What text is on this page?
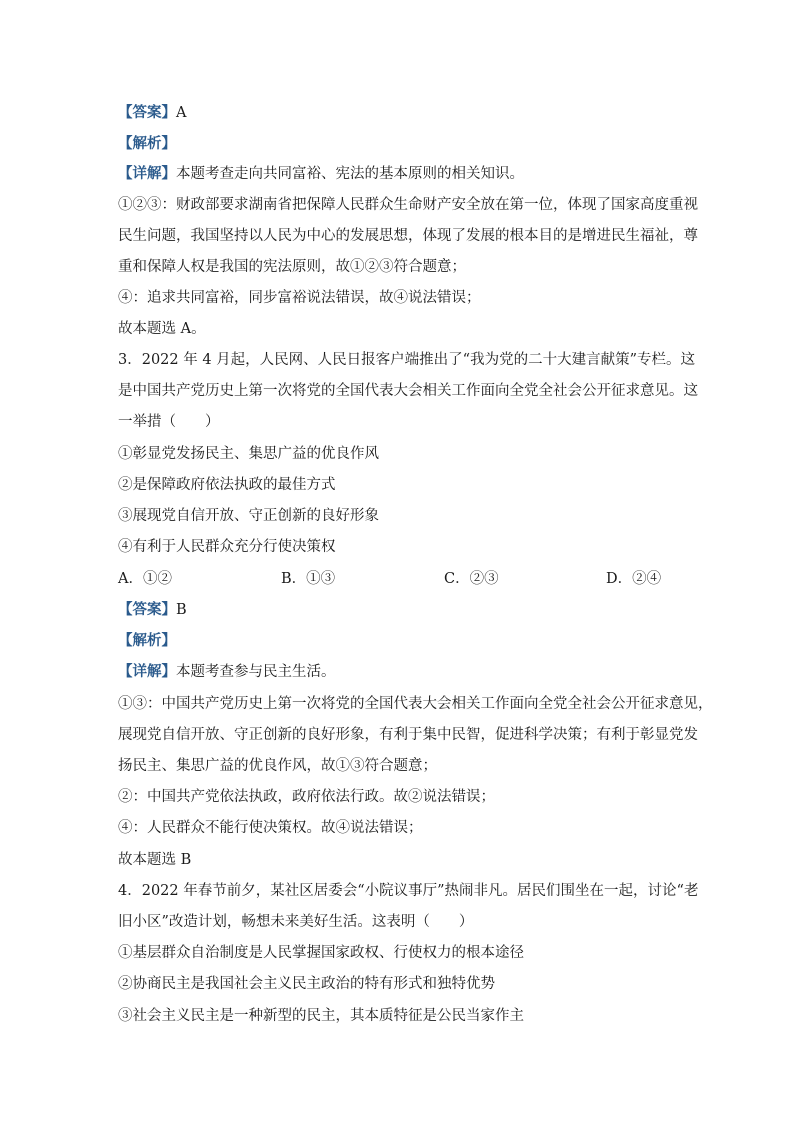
【答案】A
【解析】
【详解】本题考查走向共同富裕、宪法的基本原则的相关知识。
①②③：财政部要求湖南省把保障人民群众生命财产安全放在第一位，体现了国家高度重视
民生问题，我国坚持以人民为中心的发展思想，体现了发展的根本目的是增进民生福祉，尊
重和保障人权是我国的宪法原则，故①②③符合题意；
④：追求共同富裕，同步富裕说法错误，故④说法错误；
故本题选 A。
3．2022 年 4 月起，人民网、人民日报客户端推出了“我为党的二十大建言献策”专栏。这
是中国共产党历史上第一次将党的全国代表大会相关工作面向全党全社会公开征求意见。这
一举措（　　）
①彰显党发扬民主、集思广益的优良作风
②是保障政府依法执政的最佳方式
③展现党自信开放、守正创新的良好形象
④有利于人民群众充分行使决策权
A．①②	B．①③	C．②③	D．②④
【答案】B
【解析】
【详解】本题考查参与民主生活。
①③：中国共产党历史上第一次将党的全国代表大会相关工作面向全党全社会公开征求意见，
展现党自信开放、守正创新的良好形象，有利于集中民智，促进科学决策；有利于彰显党发
扬民主、集思广益的优良作风，故①③符合题意；
②：中国共产党依法执政，政府依法行政。故②说法错误；
④：人民群众不能行使决策权。故④说法错误；
故本题选 B
4．2022 年春节前夕，某社区居委会“小院议事厅”热闹非凡。居民们围坐在一起，讨论“老
旧小区”改造计划，畅想未来美好生活。这表明（　　）
①基层群众自治制度是人民掌握国家政权、行使权力的根本途径
②协商民主是我国社会主义民主政治的特有形式和独特优势
③社会主义民主是一种新型的民主，其本质特征是公民当家作主
